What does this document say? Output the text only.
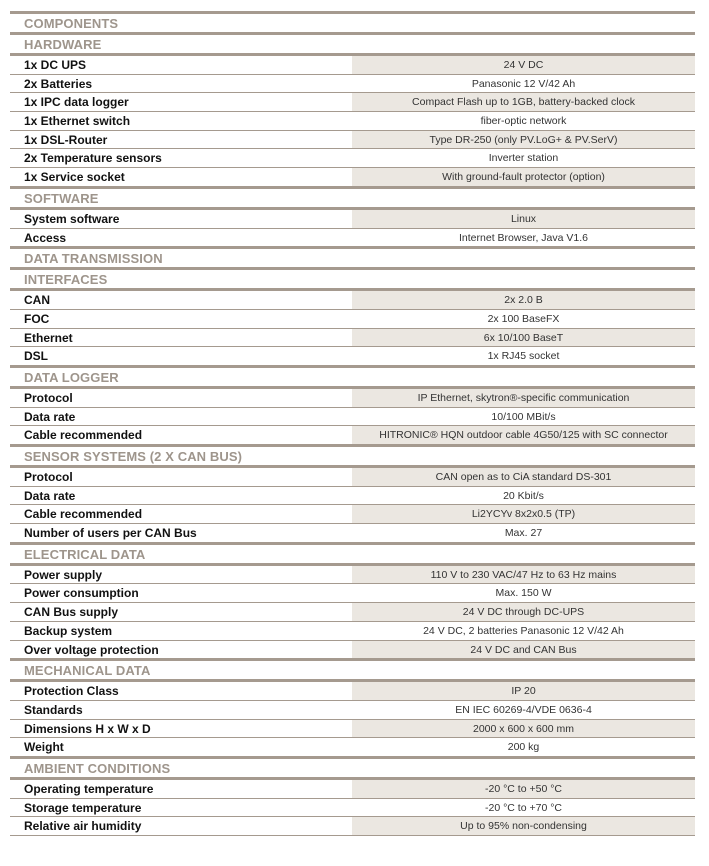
COMPONENTS
HARDWARE
1x DC UPS	24 V DC
2x Batteries	Panasonic 12 V/42 Ah
1x IPC data logger	Compact Flash up to 1GB, battery-backed clock
1x Ethernet switch	fiber-optic network
1x DSL-Router	Type DR-250 (only PV.LoG+ & PV.SerV)
2x Temperature sensors	Inverter station
1x Service socket	With ground-fault protector (option)
SOFTWARE
System software	Linux
Access	Internet Browser, Java V1.6
DATA TRANSMISSION
INTERFACES
CAN	2x 2.0 B
FOC	2x 100 BaseFX
Ethernet	6x 10/100 BaseT
DSL	1x RJ45 socket
DATA LOGGER
Protocol	IP Ethernet, skytron®-specific communication
Data rate	10/100 MBit/s
Cable recommended	HITRONIC® HQN outdoor cable 4G50/125 with SC connector
SENSOR SYSTEMS (2 X CAN BUS)
Protocol	CAN open as to CiA standard DS-301
Data rate	20 Kbit/s
Cable recommended	Li2YCYv 8x2x0.5 (TP)
Number of users per CAN Bus	Max. 27
ELECTRICAL DATA
Power supply	110 V to 230 VAC/47 Hz to 63 Hz mains
Power consumption	Max. 150 W
CAN Bus supply	24 V DC through DC-UPS
Backup system	24 V DC, 2 batteries Panasonic 12 V/42 Ah
Over voltage protection	24 V DC and CAN Bus
MECHANICAL DATA
Protection Class	IP 20
Standards	EN IEC 60269-4/VDE 0636-4
Dimensions H x W x D	2000 x 600 x 600 mm
Weight	200 kg
AMBIENT CONDITIONS
Operating temperature	-20 °C to +50 °C
Storage temperature	-20 °C to +70 °C
Relative air humidity	Up to 95% non-condensing
